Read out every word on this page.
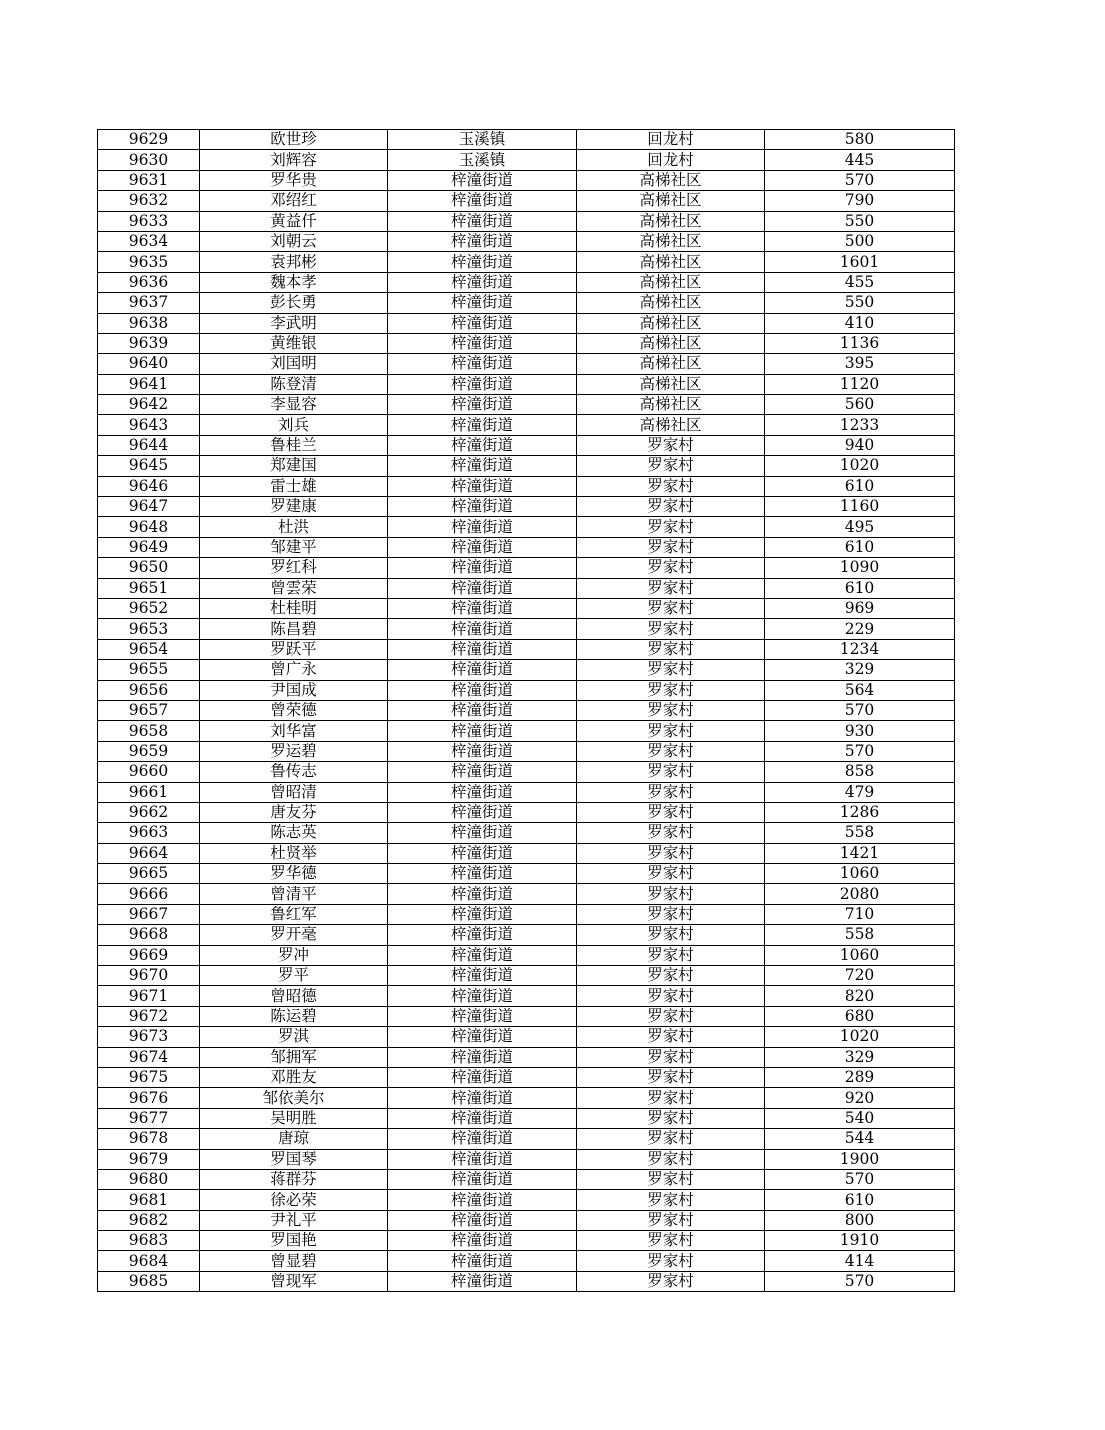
9629	欧世珍	玉溪镇	回龙村	580
9630	刘辉容	玉溪镇	回龙村	445
9631	罗华贵	梓潼街道	高梯社区	570
9632	邓绍红	梓潼街道	高梯社区	790
9633	黄益仟	梓潼街道	高梯社区	550
9634	刘朝云	梓潼街道	高梯社区	500
9635	袁邦彬	梓潼街道	高梯社区	1601
9636	魏本孝	梓潼街道	高梯社区	455
9637	彭长勇	梓潼街道	高梯社区	550
9638	李武明	梓潼街道	高梯社区	410
9639	黄维银	梓潼街道	高梯社区	1136
9640	刘国明	梓潼街道	高梯社区	395
9641	陈登清	梓潼街道	高梯社区	1120
9642	李显容	梓潼街道	高梯社区	560
9643	刘兵	梓潼街道	高梯社区	1233
9644	鲁桂兰	梓潼街道	罗家村	940
9645	郑建国	梓潼街道	罗家村	1020
9646	雷士雄	梓潼街道	罗家村	610
9647	罗建康	梓潼街道	罗家村	1160
9648	杜洪	梓潼街道	罗家村	495
9649	邹建平	梓潼街道	罗家村	610
9650	罗红科	梓潼街道	罗家村	1090
9651	曾雲荣	梓潼街道	罗家村	610
9652	杜桂明	梓潼街道	罗家村	969
9653	陈昌碧	梓潼街道	罗家村	229
9654	罗跃平	梓潼街道	罗家村	1234
9655	曾广永	梓潼街道	罗家村	329
9656	尹国成	梓潼街道	罗家村	564
9657	曾荣德	梓潼街道	罗家村	570
9658	刘华富	梓潼街道	罗家村	930
9659	罗运碧	梓潼街道	罗家村	570
9660	鲁传志	梓潼街道	罗家村	858
9661	曾昭清	梓潼街道	罗家村	479
9662	唐友芬	梓潼街道	罗家村	1286
9663	陈志英	梓潼街道	罗家村	558
9664	杜贤举	梓潼街道	罗家村	1421
9665	罗华德	梓潼街道	罗家村	1060
9666	曾清平	梓潼街道	罗家村	2080
9667	鲁红军	梓潼街道	罗家村	710
9668	罗开毫	梓潼街道	罗家村	558
9669	罗冲	梓潼街道	罗家村	1060
9670	罗平	梓潼街道	罗家村	720
9671	曾昭德	梓潼街道	罗家村	820
9672	陈运碧	梓潼街道	罗家村	680
9673	罗淇	梓潼街道	罗家村	1020
9674	邹拥军	梓潼街道	罗家村	329
9675	邓胜友	梓潼街道	罗家村	289
9676	邹依美尔	梓潼街道	罗家村	920
9677	吴明胜	梓潼街道	罗家村	540
9678	唐琼	梓潼街道	罗家村	544
9679	罗国琴	梓潼街道	罗家村	1900
9680	蒋群芬	梓潼街道	罗家村	570
9681	徐必荣	梓潼街道	罗家村	610
9682	尹礼平	梓潼街道	罗家村	800
9683	罗国艳	梓潼街道	罗家村	1910
9684	曾显碧	梓潼街道	罗家村	414
9685	曾现军	梓潼街道	罗家村	570
